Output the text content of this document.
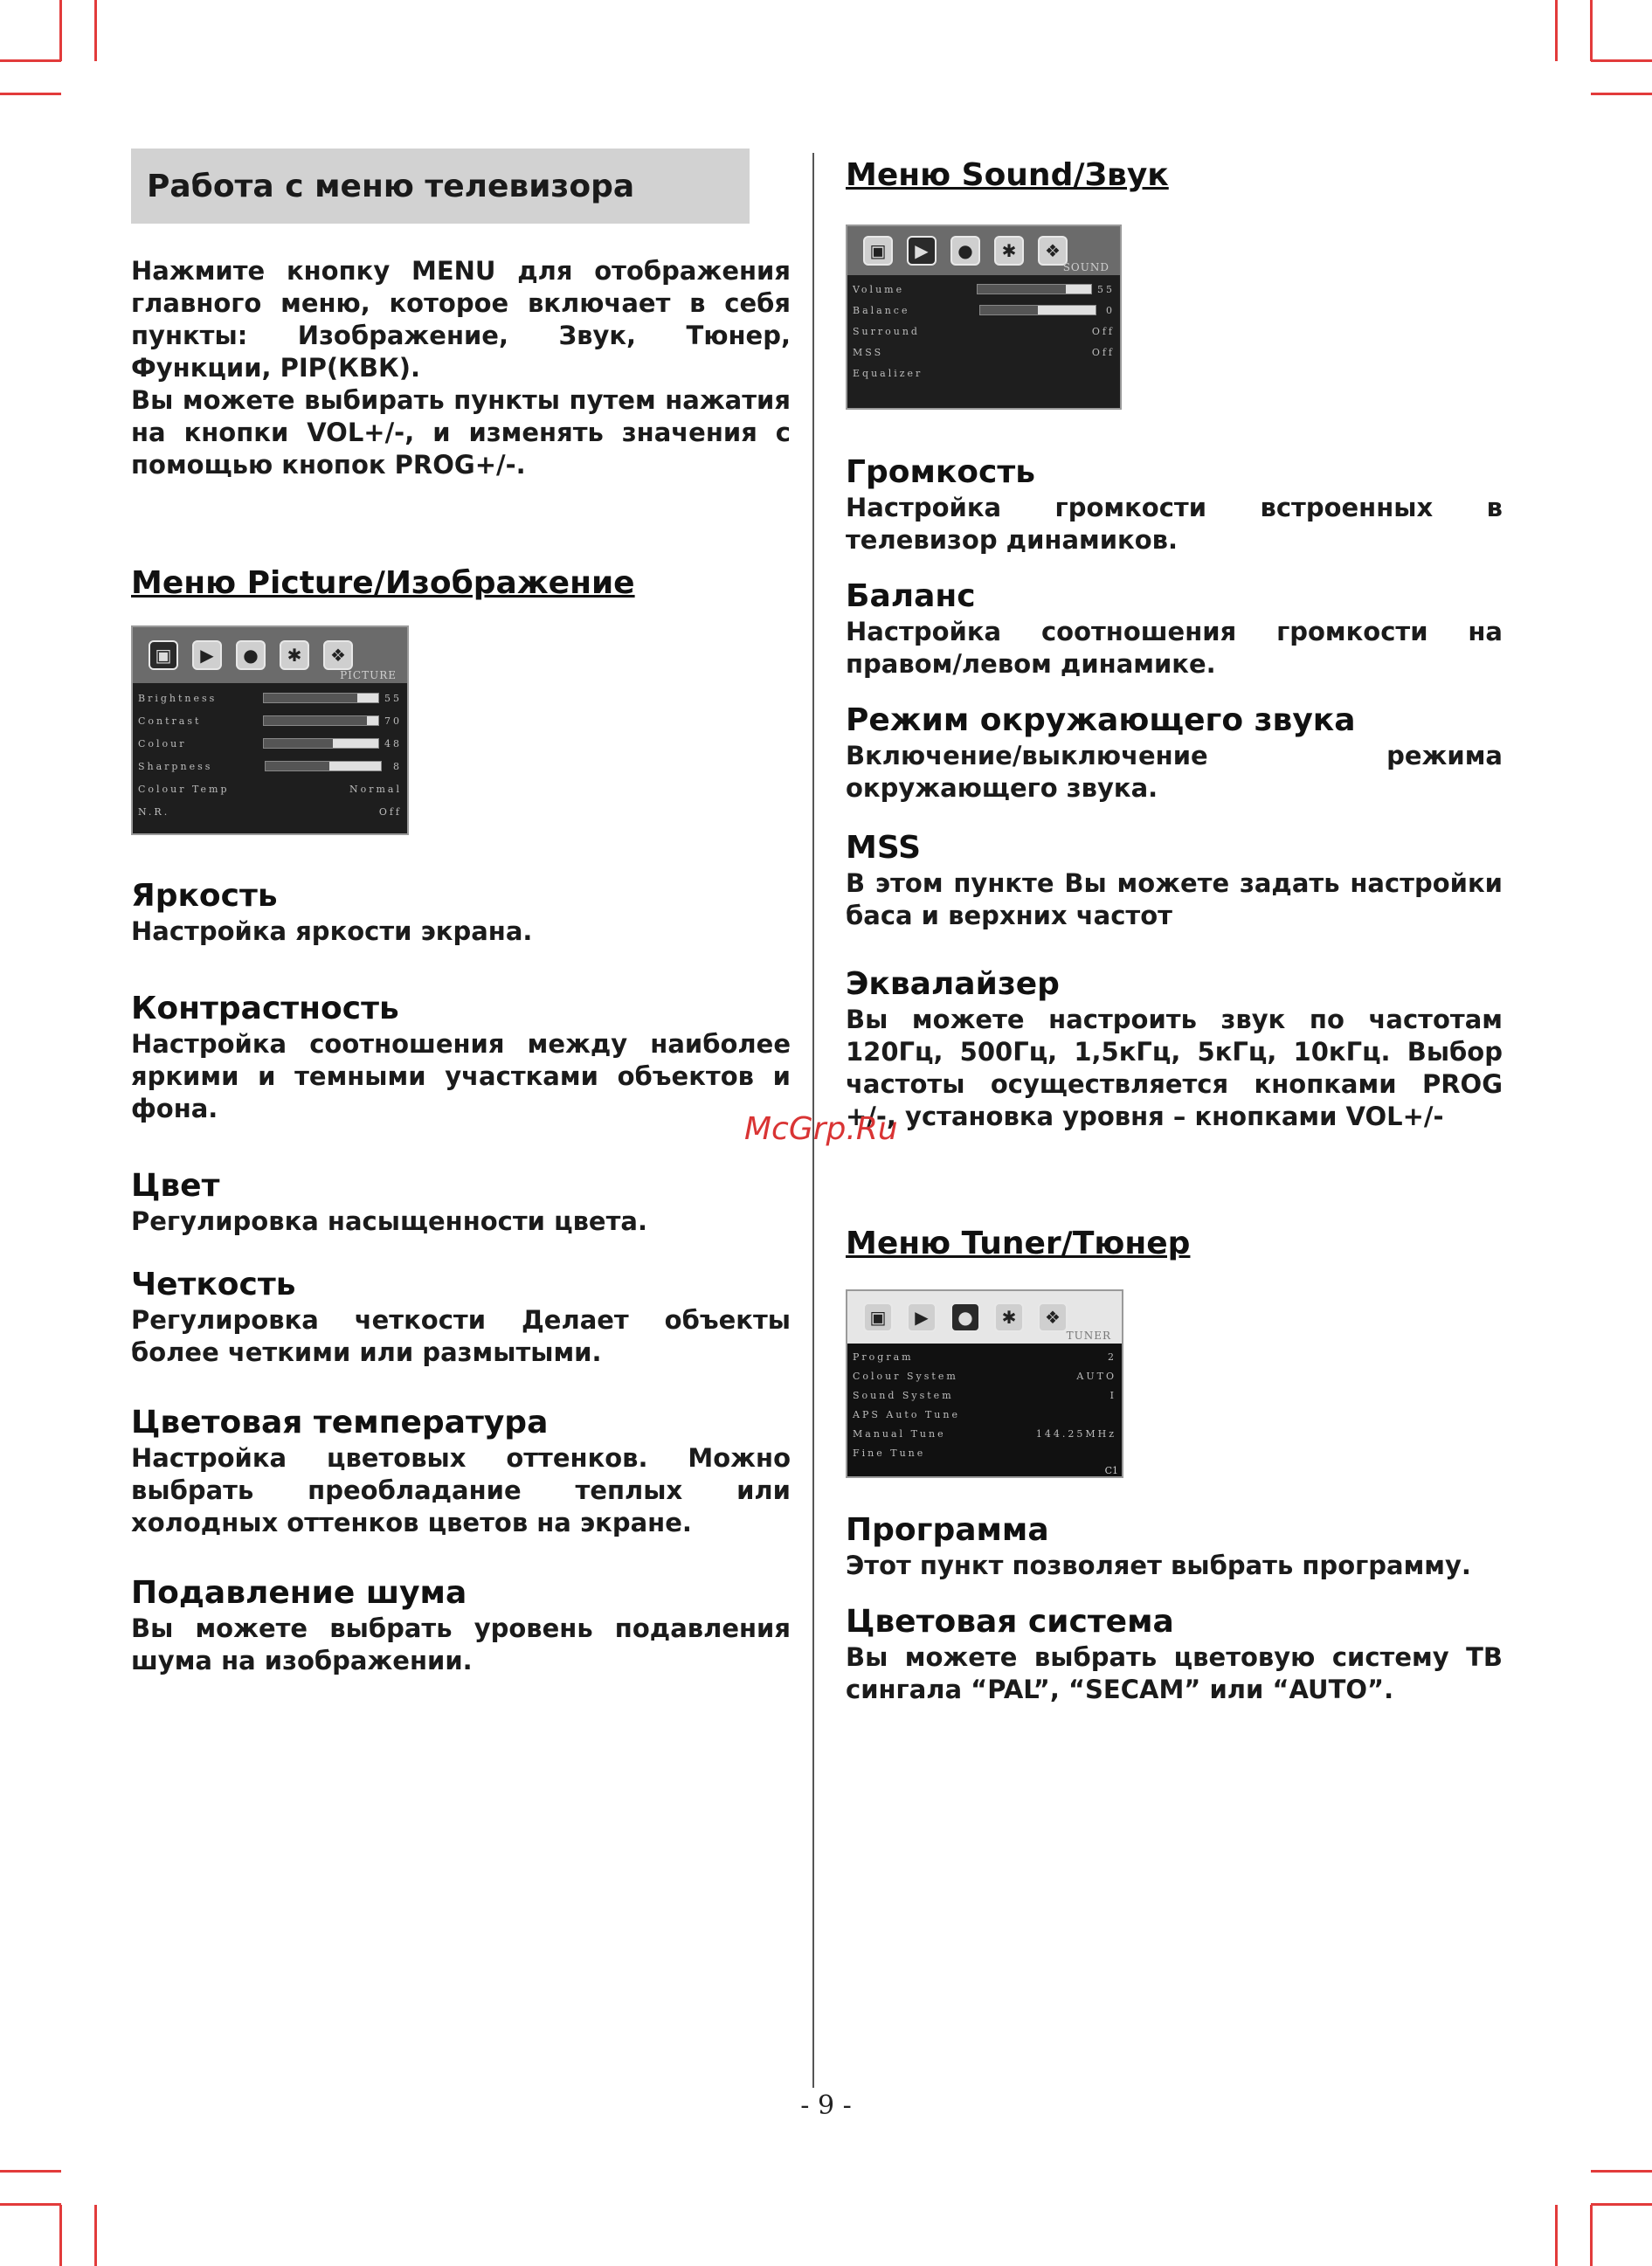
Работа с меню телевизора

Нажмите кнопку MENU для отображения главного меню, которое включает в себя пункты: Изображение, Звук, Тюнер, Функции, PIP(КВК).

Вы можете выбирать пункты путем нажатия на кнопки VOL+/-, и изменять значения с помощью кнопок PROG+/-.

Меню Picture/Изображение
▣	▶	●	✱	❖
PICTURE
Brightness	55
Contrast	70
Colour	48
Sharpness	8
Colour Temp	Normal
N.R.	Off
Яркость

Настройка яркости экрана.

Контрастность

Настройка соотношения между наиболее яркими и темными участками объектов и фона.

Цвет

Регулировка насыщенности цвета.

Четкость

Регулировка четкости Делает объекты более четкими или размытыми.

Цветовая температура

Настройка цветовых оттенков. Можно выбрать преобладание теплых или холодных оттенков цветов на экране.

Подавление шума

Вы можете выбрать уровень подавления шума на изображении.

Меню Sound/Звук
▣	▶	●	✱	❖
SOUND
Volume	55
Balance	0
Surround	Off
MSS	Off
Equalizer
Громкость

Настройка громкости встроенных в телевизор динамиков.

Баланс

Настройка соотношения громкости на правом/левом динамике.

Режим окружающего звука

Включение/выключение режима окружающего звука.

MSS

В этом пункте Вы можете задать настройки баса и верхних частот

Эквалайзер

Вы можете настроить звук по частотам 120Гц, 500Гц, 1,5кГц, 5кГц, 10кГц. Выбор частоты осуществляется кнопками PROG +/-, установка уровня – кнопками VOL+/-

Меню Tuner/Тюнер
▣	▶	●	✱	❖
TUNER
Program	2
Colour System	AUTO
Sound System	I
APS Auto Tune
Manual Tune	144.25MHz
Fine Tune
C1
Программа

Этот пункт позволяет выбрать программу.

Цветовая система

Вы можете выбрать цветовую систему ТВ сингала “PAL”, “SECAM” или “AUTO”.

McGrp.Ru
- 9 -
